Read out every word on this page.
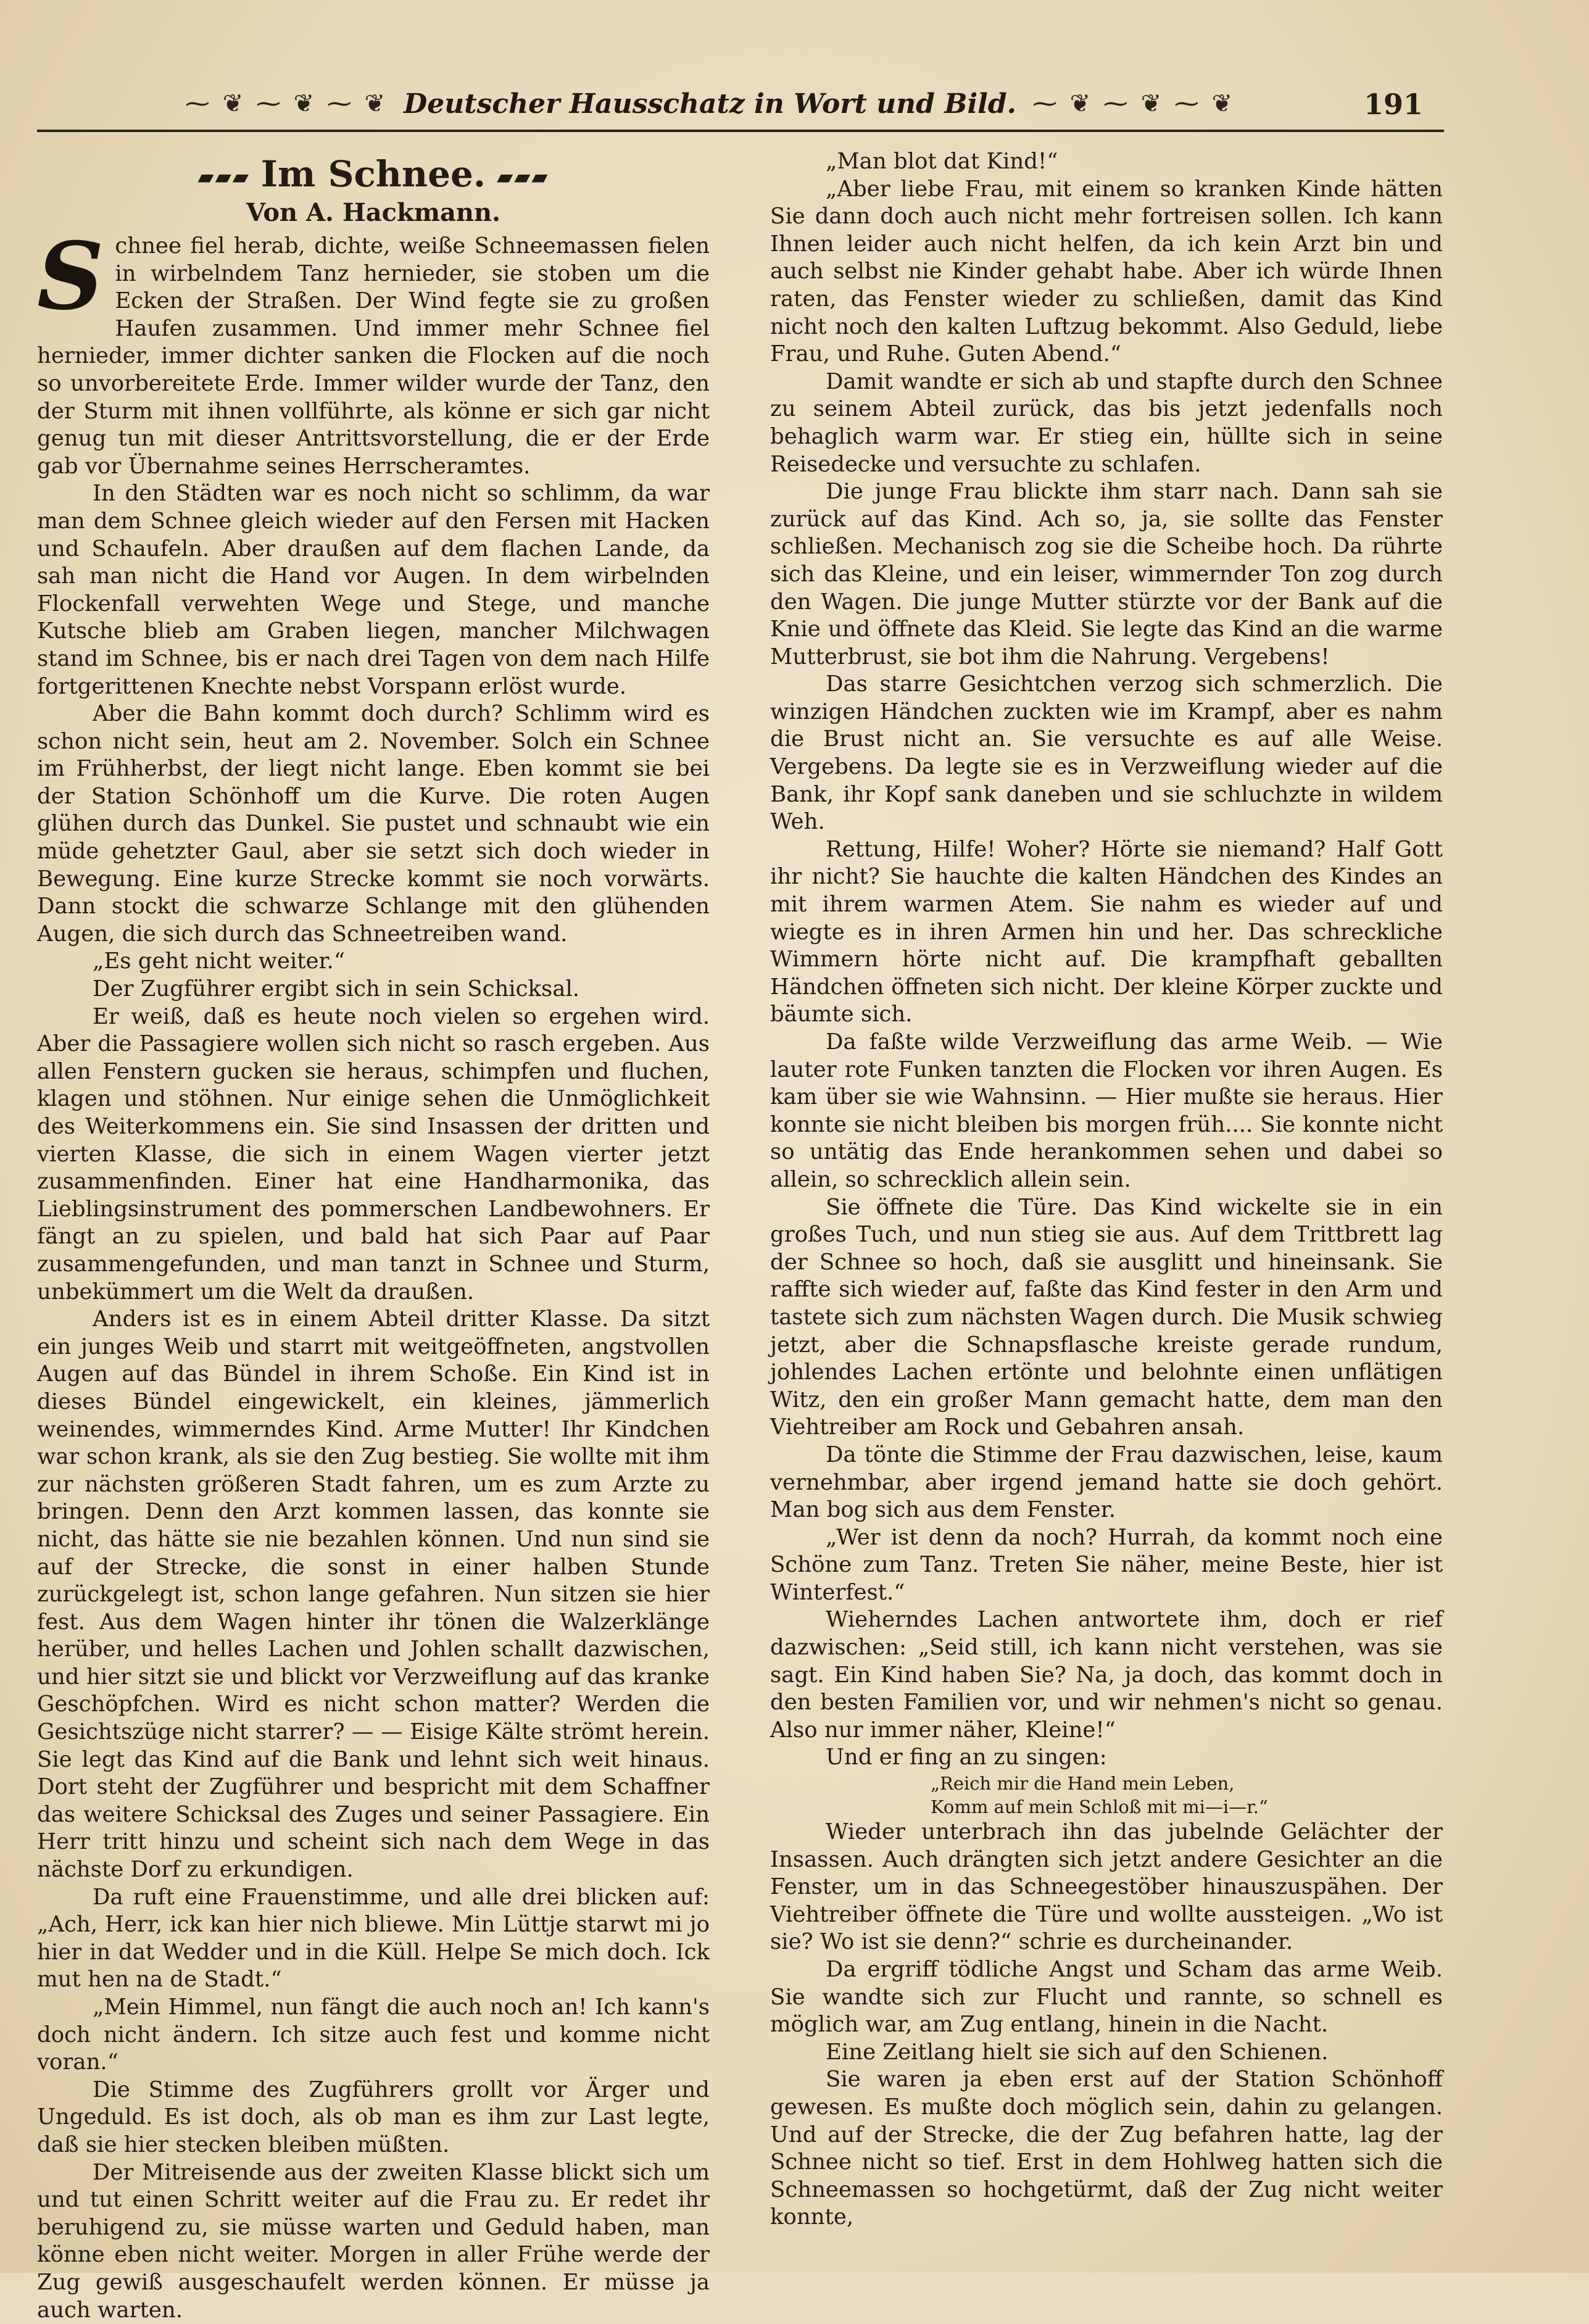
⁓ ❦ ⁓ ❦ ⁓ ❦ Deutscher Hausschatz in Wort und Bild. ⁓ ❦ ⁓ ❦ ⁓ ❦	191
▰▰▰ Im Schnee. ▰▰▰
Von A. Hackmann.

Schnee fiel herab, dichte, weiße Schneemassen fielen in wirbelndem Tanz hernieder, sie stoben um die Ecken der Straßen. Der Wind fegte sie zu großen Haufen zusammen. Und immer mehr Schnee fiel hernieder, immer dichter sanken die Flocken auf die noch so unvorbereitete Erde. Immer wilder wurde der Tanz, den der Sturm mit ihnen vollführte, als könne er sich gar nicht genug tun mit dieser Antrittsvorstellung, die er der Erde gab vor Übernahme seines Herrscheramtes.

In den Städten war es noch nicht so schlimm, da war man dem Schnee gleich wieder auf den Fersen mit Hacken und Schaufeln. Aber draußen auf dem flachen Lande, da sah man nicht die Hand vor Augen. In dem wirbelnden Flockenfall verwehten Wege und Stege, und manche Kutsche blieb am Graben liegen, mancher Milchwagen stand im Schnee, bis er nach drei Tagen von dem nach Hilfe fortgerittenen Knechte nebst Vorspann erlöst wurde.

Aber die Bahn kommt doch durch? Schlimm wird es schon nicht sein, heut am 2. November. Solch ein Schnee im Frühherbst, der liegt nicht lange. Eben kommt sie bei der Station Schönhoff um die Kurve. Die roten Augen glühen durch das Dunkel. Sie pustet und schnaubt wie ein müde gehetzter Gaul, aber sie setzt sich doch wieder in Bewegung. Eine kurze Strecke kommt sie noch vorwärts. Dann stockt die schwarze Schlange mit den glühenden Augen, die sich durch das Schneetreiben wand.

„Es geht nicht weiter.“

Der Zugführer ergibt sich in sein Schicksal.

Er weiß, daß es heute noch vielen so ergehen wird. Aber die Passagiere wollen sich nicht so rasch ergeben. Aus allen Fenstern gucken sie heraus, schimpfen und fluchen, klagen und stöhnen. Nur einige sehen die Unmöglichkeit des Weiterkommens ein. Sie sind Insassen der dritten und vierten Klasse, die sich in einem Wagen vierter jetzt zusammenfinden. Einer hat eine Handharmonika, das Lieblingsinstrument des pommerschen Landbewohners. Er fängt an zu spielen, und bald hat sich Paar auf Paar zusammengefunden, und man tanzt in Schnee und Sturm, unbekümmert um die Welt da draußen.

Anders ist es in einem Abteil dritter Klasse. Da sitzt ein junges Weib und starrt mit weitgeöffneten, angstvollen Augen auf das Bündel in ihrem Schoße. Ein Kind ist in dieses Bündel eingewickelt, ein kleines, jämmerlich weinendes, wimmerndes Kind. Arme Mutter! Ihr Kindchen war schon krank, als sie den Zug bestieg. Sie wollte mit ihm zur nächsten größeren Stadt fahren, um es zum Arzte zu bringen. Denn den Arzt kommen lassen, das konnte sie nicht, das hätte sie nie bezahlen können. Und nun sind sie auf der Strecke, die sonst in einer halben Stunde zurückgelegt ist, schon lange gefahren. Nun sitzen sie hier fest. Aus dem Wagen hinter ihr tönen die Walzerklänge herüber, und helles Lachen und Johlen schallt dazwischen, und hier sitzt sie und blickt vor Verzweiflung auf das kranke Geschöpfchen. Wird es nicht schon matter? Werden die Gesichtszüge nicht starrer? — — Eisige Kälte strömt herein. Sie legt das Kind auf die Bank und lehnt sich weit hinaus. Dort steht der Zugführer und bespricht mit dem Schaffner das weitere Schicksal des Zuges und seiner Passagiere. Ein Herr tritt hinzu und scheint sich nach dem Wege in das nächste Dorf zu erkundigen.

Da ruft eine Frauenstimme, und alle drei blicken auf: „Ach, Herr, ick kan hier nich bliewe. Min Lüttje starwt mi jo hier in dat Wedder und in die Küll. Helpe Se mich doch. Ick mut hen na de Stadt.“

„Mein Himmel, nun fängt die auch noch an! Ich kann's doch nicht ändern. Ich sitze auch fest und komme nicht voran.“

Die Stimme des Zugführers grollt vor Ärger und Ungeduld. Es ist doch, als ob man es ihm zur Last legte, daß sie hier stecken bleiben müßten.

Der Mitreisende aus der zweiten Klasse blickt sich um und tut einen Schritt weiter auf die Frau zu. Er redet ihr beruhigend zu, sie müsse warten und Geduld haben, man könne eben nicht weiter. Morgen in aller Frühe werde der Zug gewiß ausgeschaufelt werden können. Er müsse ja auch warten.

„Man blot dat Kind!“

„Aber liebe Frau, mit einem so kranken Kinde hätten Sie dann doch auch nicht mehr fortreisen sollen. Ich kann Ihnen leider auch nicht helfen, da ich kein Arzt bin und auch selbst nie Kinder gehabt habe. Aber ich würde Ihnen raten, das Fenster wieder zu schließen, damit das Kind nicht noch den kalten Luftzug bekommt. Also Geduld, liebe Frau, und Ruhe. Guten Abend.“

Damit wandte er sich ab und stapfte durch den Schnee zu seinem Abteil zurück, das bis jetzt jedenfalls noch behaglich warm war. Er stieg ein, hüllte sich in seine Reisedecke und versuchte zu schlafen.

Die junge Frau blickte ihm starr nach. Dann sah sie zurück auf das Kind. Ach so, ja, sie sollte das Fenster schließen. Mechanisch zog sie die Scheibe hoch. Da rührte sich das Kleine, und ein leiser, wimmernder Ton zog durch den Wagen. Die junge Mutter stürzte vor der Bank auf die Knie und öffnete das Kleid. Sie legte das Kind an die warme Mutterbrust, sie bot ihm die Nahrung. Vergebens!

Das starre Gesichtchen verzog sich schmerzlich. Die winzigen Händchen zuckten wie im Krampf, aber es nahm die Brust nicht an. Sie versuchte es auf alle Weise. Vergebens. Da legte sie es in Verzweiflung wieder auf die Bank, ihr Kopf sank daneben und sie schluchzte in wildem Weh.

Rettung, Hilfe! Woher? Hörte sie niemand? Half Gott ihr nicht? Sie hauchte die kalten Händchen des Kindes an mit ihrem warmen Atem. Sie nahm es wieder auf und wiegte es in ihren Armen hin und her. Das schreckliche Wimmern hörte nicht auf. Die krampfhaft geballten Händchen öffneten sich nicht. Der kleine Körper zuckte und bäumte sich.

Da faßte wilde Verzweiflung das arme Weib. — Wie lauter rote Funken tanzten die Flocken vor ihren Augen. Es kam über sie wie Wahnsinn. — Hier mußte sie heraus. Hier konnte sie nicht bleiben bis morgen früh.... Sie konnte nicht so untätig das Ende herankommen sehen und dabei so allein, so schrecklich allein sein.

Sie öffnete die Türe. Das Kind wickelte sie in ein großes Tuch, und nun stieg sie aus. Auf dem Trittbrett lag der Schnee so hoch, daß sie ausglitt und hineinsank. Sie raffte sich wieder auf, faßte das Kind fester in den Arm und tastete sich zum nächsten Wagen durch. Die Musik schwieg jetzt, aber die Schnapsflasche kreiste gerade rundum, johlendes Lachen ertönte und belohnte einen unflätigen Witz, den ein großer Mann gemacht hatte, dem man den Viehtreiber am Rock und Gebahren ansah.

Da tönte die Stimme der Frau dazwischen, leise, kaum vernehmbar, aber irgend jemand hatte sie doch gehört. Man bog sich aus dem Fenster.

„Wer ist denn da noch? Hurrah, da kommt noch eine Schöne zum Tanz. Treten Sie näher, meine Beste, hier ist Winterfest.“

Wieherndes Lachen antwortete ihm, doch er rief dazwischen: „Seid still, ich kann nicht verstehen, was sie sagt. Ein Kind haben Sie? Na, ja doch, das kommt doch in den besten Familien vor, und wir nehmen's nicht so genau. Also nur immer näher, Kleine!“

Und er fing an zu singen:

„Reich mir die Hand mein Leben,

Komm auf mein Schloß mit mi—i—r.“

Wieder unterbrach ihn das jubelnde Gelächter der Insassen. Auch drängten sich jetzt andere Gesichter an die Fenster, um in das Schneegestöber hinauszuspähen. Der Viehtreiber öffnete die Türe und wollte aussteigen. „Wo ist sie? Wo ist sie denn?“ schrie es durcheinander.

Da ergriff tödliche Angst und Scham das arme Weib. Sie wandte sich zur Flucht und rannte, so schnell es möglich war, am Zug entlang, hinein in die Nacht.

Eine Zeitlang hielt sie sich auf den Schienen.

Sie waren ja eben erst auf der Station Schönhoff gewesen. Es mußte doch möglich sein, dahin zu gelangen. Und auf der Strecke, die der Zug befahren hatte, lag der Schnee nicht so tief. Erst in dem Hohlweg hatten sich die Schneemassen so hochgetürmt, daß der Zug nicht weiter konnte,
